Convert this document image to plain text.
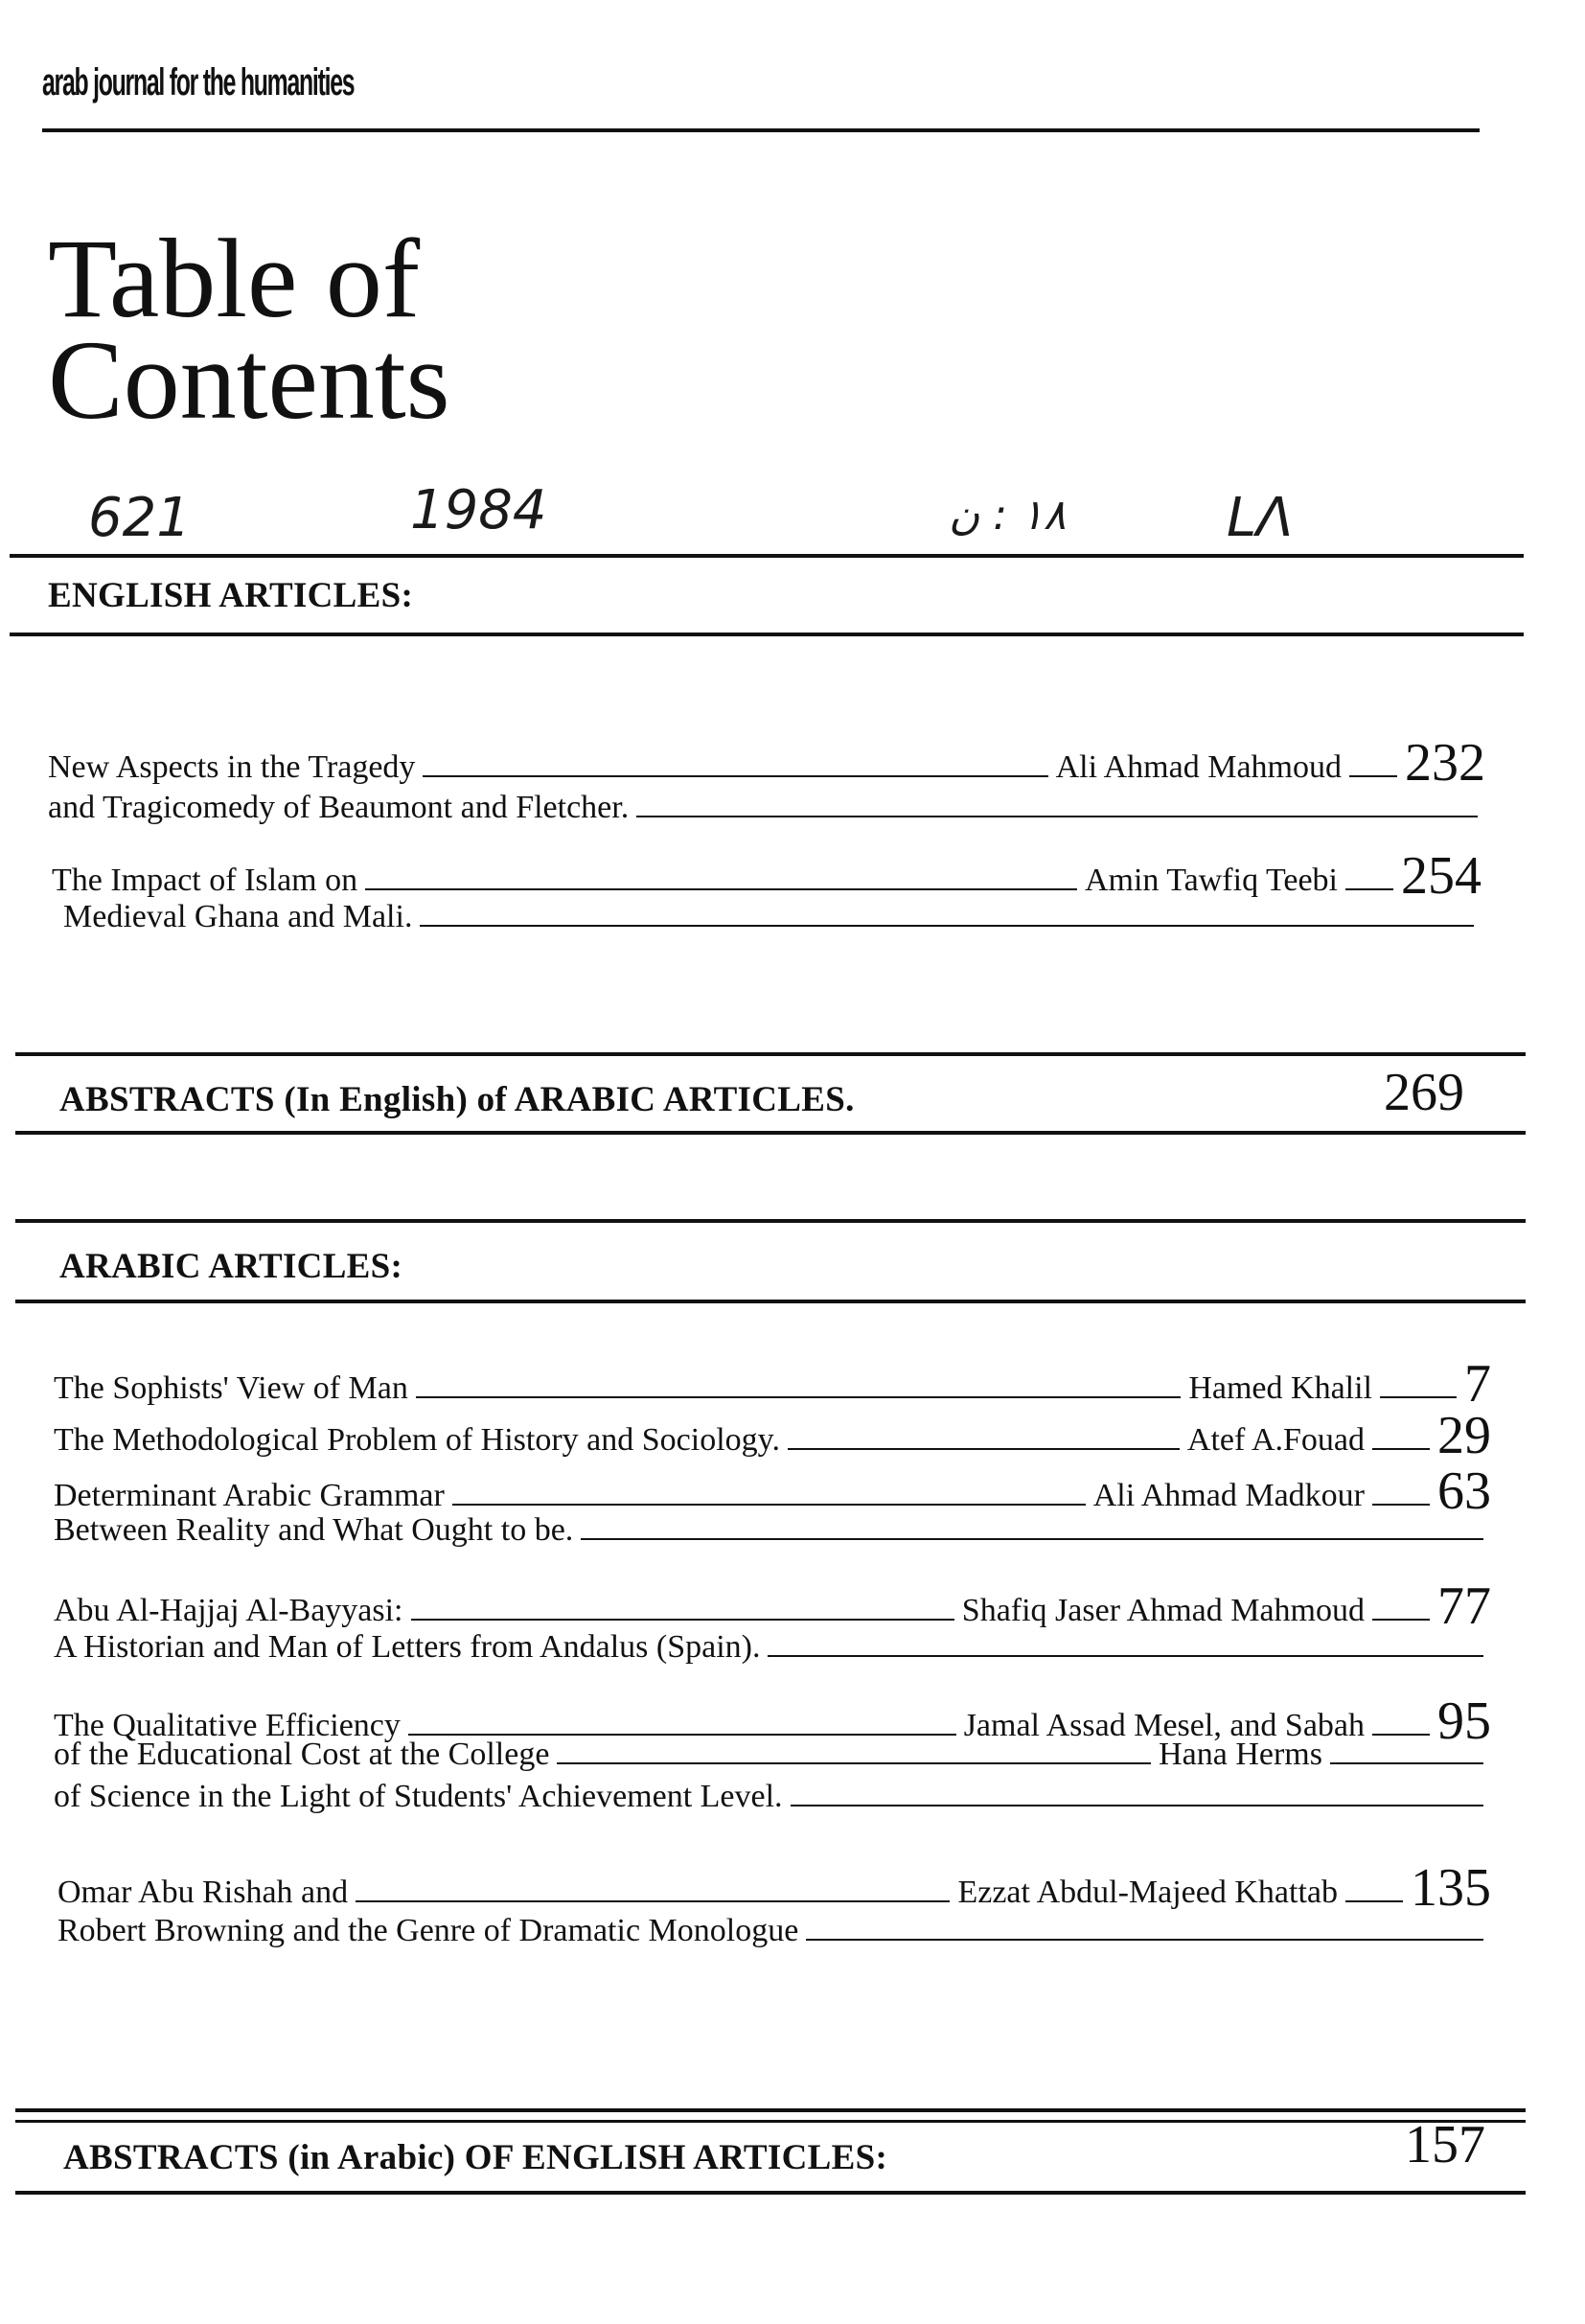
arab journal for the humanities
Table of
Contents
621	1984	١٨ : ن	LΛ
ENGLISH ARTICLES:
New Aspects in the Tragedy	Ali Ahmad Mahmoud 232
and Tragicomedy of Beaumont and Fletcher.
The Impact of Islam on	Amin Tawfiq Teebi 254
Medieval Ghana and Mali.
ABSTRACTS (In English) of ARABIC ARTICLES.	269
ARABIC ARTICLES:
The Sophists' View of Man	Hamed Khalil 7
The Methodological Problem of History and Sociology.	Atef A.Fouad 29
Determinant Arabic Grammar	Ali Ahmad Madkour 63
Between Reality and What Ought to be.
Abu Al-Hajjaj Al-Bayyasi:	Shafiq Jaser Ahmad Mahmoud 77
A Historian and Man of Letters from Andalus (Spain).
The Qualitative Efficiency	Jamal Assad Mesel, and Sabah 95
of the Educational Cost at the College	Hana Herms
of Science in the Light of Students' Achievement Level.
Omar Abu Rishah and	Ezzat Abdul-Majeed Khattab 135
Robert Browning and the Genre of Dramatic Monologue
ABSTRACTS (in Arabic) OF ENGLISH ARTICLES:	157
